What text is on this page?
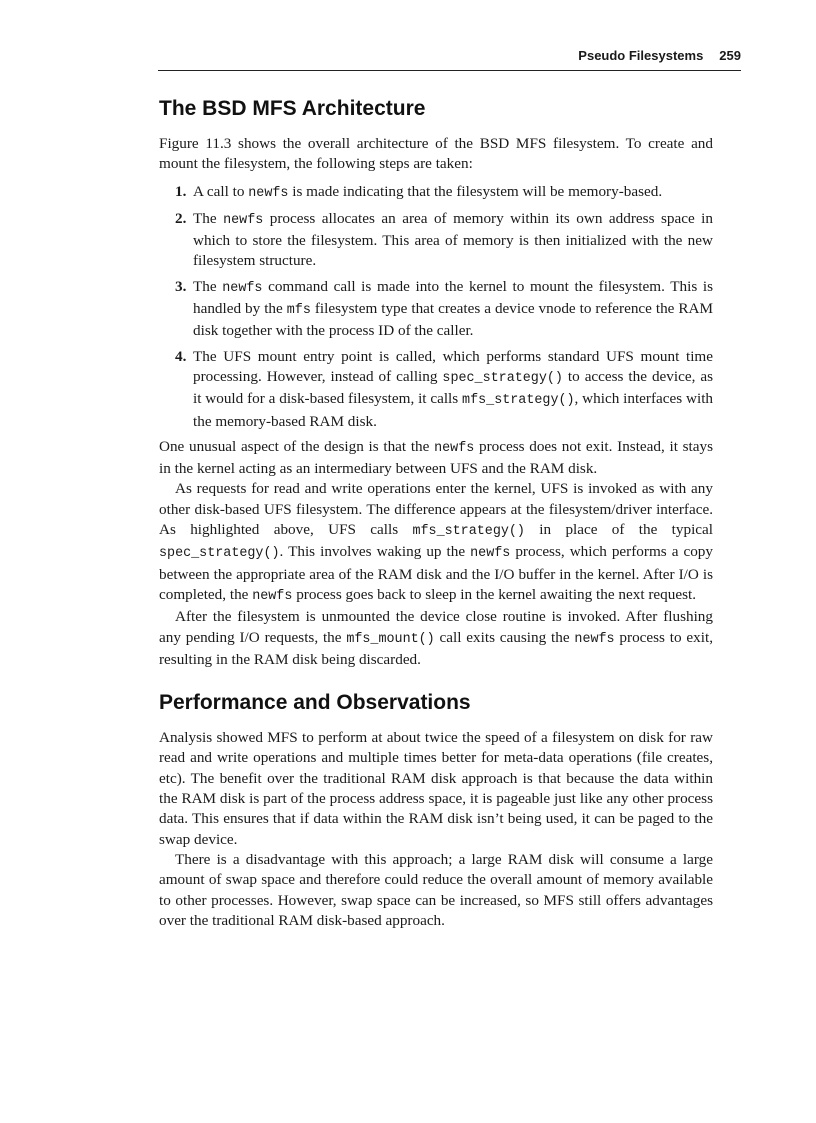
Pseudo Filesystems 259
The BSD MFS Architecture

Figure 11.3 shows the overall architecture of the BSD MFS filesystem. To create and mount the filesystem, the following steps are taken:

1. A call to newfs is made indicating that the filesystem will be memory-based.
2. The newfs process allocates an area of memory within its own address space in which to store the filesystem. This area of memory is then initialized with the new filesystem structure.
3. The newfs command call is made into the kernel to mount the filesystem. This is handled by the mfs filesystem type that creates a device vnode to reference the RAM disk together with the process ID of the caller.
4. The UFS mount entry point is called, which performs standard UFS mount time processing. However, instead of calling spec_strategy() to access the device, as it would for a disk-based filesystem, it calls mfs_strategy(), which interfaces with the memory-based RAM disk.

One unusual aspect of the design is that the newfs process does not exit. Instead, it stays in the kernel acting as an intermediary between UFS and the RAM disk.

As requests for read and write operations enter the kernel, UFS is invoked as with any other disk-based UFS filesystem. The difference appears at the filesystem/driver interface. As highlighted above, UFS calls mfs_strategy() in place of the typical spec_strategy(). This involves waking up the newfs process, which performs a copy between the appropriate area of the RAM disk and the I/O buffer in the kernel. After I/O is completed, the newfs process goes back to sleep in the kernel awaiting the next request.

After the filesystem is unmounted the device close routine is invoked. After flushing any pending I/O requests, the mfs_mount() call exits causing the newfs process to exit, resulting in the RAM disk being discarded.

Performance and Observations

Analysis showed MFS to perform at about twice the speed of a filesystem on disk for raw read and write operations and multiple times better for meta-data operations (file creates, etc). The benefit over the traditional RAM disk approach is that because the data within the RAM disk is part of the process address space, it is pageable just like any other process data. This ensures that if data within the RAM disk isn’t being used, it can be paged to the swap device.

There is a disadvantage with this approach; a large RAM disk will consume a large amount of swap space and therefore could reduce the overall amount of memory available to other processes. However, swap space can be increased, so MFS still offers advantages over the traditional RAM disk-based approach.
